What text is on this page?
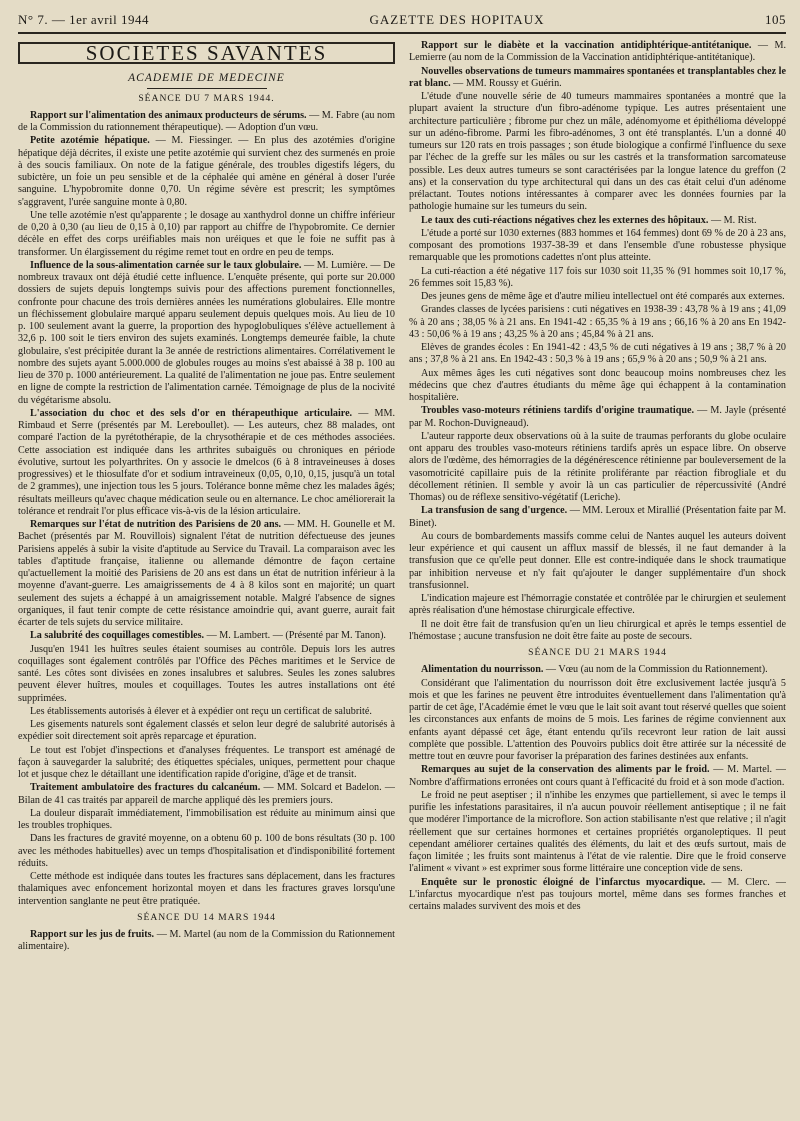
N° 7. — 1er avril 1944	GAZETTE DES HOPITAUX	105
SOCIETES SAVANTES
ACADEMIE DE MEDECINE
SÉANCE DU 7 MARS 1944.

Rapport sur l'alimentation des animaux producteurs de sérums. — M. Fabre (au nom de la Commission du rationnement thérapeutique). — Adoption d'un vœu.

Petite azotémie hépatique. — M. Fiessinger. — En plus des azotémies d'origine hépatique déjà décrites, il existe une petite azotémie qui survient chez des surmenés en proie à des soucis familiaux. On note de la fatigue générale, des troubles digestifs légers, du subictère, un foie un peu sensible et de la céphalée qui amène en général à doser l'urée sanguine. L'hypobromite donne 0,70. Un régime sévère est prescrit; les symptômes s'aggravent, l'urée sanguine monte à 0,80.

Une telle azotémie n'est qu'apparente ; le dosage au xanthydrol donne un chiffre inférieur de 0,20 à 0,30 (au lieu de 0,15 à 0,10) par rapport au chiffre de l'hypobromite. Ce dernier décèle en effet des corps uréifiables mais non uréiques et que le foie ne suffit pas à transformer. Un élargissement du régime remet tout en ordre en peu de temps.

Influence de la sous-alimentation carnée sur le taux globulaire. — M. Lumière. — De nombreux travaux ont déjà étudié cette influence. L'enquête présente, qui porte sur 20.000 dossiers de sujets depuis longtemps suivis pour des affections purement fonctionnelles, confronte pour chacune des trois dernières années les numérations globulaires. Elle montre un fléchissement globulaire marqué apparu seulement depuis quelques mois. Au lieu de 10 p. 100 seulement avant la guerre, la proportion des hypoglobuliques s'élève actuellement à 32,6 p. 100 soit le tiers environ des sujets examinés. Longtemps demeurée faible, la chute globulaire, s'est précipitée durant la 3e année de restrictions alimentaires. Corrélativement le nombre des sujets ayant 5.000.000 de globules rouges au moins s'est abaissé à 38 p. 100 au lieu de 370 p. 1000 antérieurement. La qualité de l'alimentation ne joue pas. Entre seulement en ligne de compte la restriction de l'alimentation carnée. Témoignage de plus de la nocivité du végétarisme absolu.

L'association du choc et des sels d'or en thérapeuthique articulaire. — MM. Rimbaud et Serre (présentés par M. Lereboullet). — Les auteurs, chez 88 malades, ont comparé l'action de la pyrétothérapie, de la chrysothérapie et de ces méthodes associées. Cette association est indiquée dans les arthrites subaiguës ou chroniques en période évolutive, surtout les polyarthrites. On y associe le dmelcos (6 à 8 intraveineuses à doses progressives) et le thiosulfate d'or et sodium intraveineux (0,05, 0,10, 0,15, jusqu'à un total de 2 grammes), une injection tous les 5 jours. Tolérance bonne même chez les malades âgés; résultats meilleurs qu'avec chaque médication seule ou en alternance. Le choc améliorerait la tolérance et rendrait l'or plus efficace vis-à-vis de la lésion articulaire.

Remarques sur l'état de nutrition des Parisiens de 20 ans. — MM. H. Gounelle et M. Bachet (présentés par M. Rouvillois) signalent l'état de nutrition défectueuse des jeunes Parisiens appelés à subir la visite d'aptitude au Service du Travail. La comparaison avec les tables d'aptitude française, italienne ou allemande démontre de façon certaine qu'actuellement la moitié des Parisiens de 20 ans est dans un état de nutrition inférieur à la moyenne d'avant-guerre. Les amaigrissements de 4 à 8 kilos sont en majorité; un quart seulement des sujets a échappé à un amaigrissement notable. Malgré l'absence de signes organiques, il faut tenir compte de cette résistance amoindrie qui, avant guerre, aurait fait écarter de tels sujets du service militaire.

La salubrité des coquillages comestibles. — M. Lambert. — (Présenté par M. Tanon).

Jusqu'en 1941 les huîtres seules étaient soumises au contrôle. Depuis lors les autres coquillages sont également contrôlés par l'Office des Pêches maritimes et le Service de santé. Les côtes sont divisées en zones insalubres et salubres. Seules les zones salubres peuvent élever huîtres, moules et coquillages. Toutes les autres installations ont été supprimées.

Les établissements autorisés à élever et à expédier ont reçu un certificat de salubrité.

Les gisements naturels sont également classés et selon leur degré de salubrité autorisés à expédier soit directement soit après reparcage et épuration.

Le tout est l'objet d'inspections et d'analyses fréquentes. Le transport est aménagé de façon à sauvegarder la salubrité; des étiquettes spéciales, uniques, permettent pour chaque lot et jusque chez le détaillant une identification rapide d'origine, d'âge et de transit.

Traitement ambulatoire des fractures du calcanéum. — MM. Solcard et Badelon. — Bilan de 41 cas traités par appareil de marche appliqué dès les premiers jours.

La douleur disparaît immédiatement, l'immobilisation est réduite au minimum ainsi que les troubles trophiques.

Dans les fractures de gravité moyenne, on a obtenu 60 p. 100 de bons résultats (30 p. 100 avec les méthodes habituelles) avec un temps d'hospitalisation et d'indisponibilité fortement réduits.

Cette méthode est indiquée dans toutes les fractures sans déplacement, dans les fractures thalamiques avec enfoncement horizontal moyen et dans les fractures graves lorsqu'une intervention sanglante ne peut être pratiquée.

SÉANCE DU 14 MARS 1944

Rapport sur les jus de fruits. — M. Martel (au nom de la Commission du Rationnement alimentaire).

Rapport sur le diabète et la vaccination antidiphtérique-antitétanique. — M. Lemierre (au nom de la Commission de la Vaccination antidiphtérique-antitétanique).

Nouvelles observations de tumeurs mammaires spontanées et transplantables chez le rat blanc. — MM. Roussy et Guérin.

L'étude d'une nouvelle série de 40 tumeurs mammaires spontanées a montré que la plupart avaient la structure d'un fibro-adénome typique. Les autres présentaient une architecture particulière ; fibrome pur chez un mâle, adénomyome et épithélioma développé sur un adéno-fibrome. Parmi les fibro-adénomes, 3 ont été transplantés. L'un a donné 40 tumeurs sur 120 rats en trois passages ; son étude biologique a confirmé l'influence du sexe par l'échec de la greffe sur les mâles ou sur les castrés et la transformation sarcomateuse possible. Les deux autres tumeurs se sont caractérisées par la longue latence du greffon (2 ans) et la conservation du type architectural qui dans un des cas était celui d'un adénome prélactant. Toutes notions intéressantes à comparer avec les données fournies par la pathologie humaine sur les tumeurs du sein.

Le taux des cuti-réactions négatives chez les externes des hôpitaux. — M. Rist.

L'étude a porté sur 1030 externes (883 hommes et 164 femmes) dont 69 % de 20 à 23 ans, composant des promotions 1937-38-39 et dans l'ensemble d'une robustesse physique remarquable que les promotions cadettes n'ont plus atteinte.

La cuti-réaction a été négative 117 fois sur 1030 soit 11,35 % (91 hommes soit 10,17 %, 26 femmes soit 15,83 %).

Des jeunes gens de même âge et d'autre milieu intellectuel ont été comparés aux externes.

Grandes classes de lycées parisiens : cuti négatives en 1938-39 : 43,78 % à 19 ans ; 41,09 % à 20 ans ; 38,05 % à 21 ans. En 1941-42 : 65,35 % à 19 ans ; 66,16 % à 20 ans En 1942-43 : 50,06 % à 19 ans ; 43,25 % à 20 ans ; 45,84 % à 21 ans.

Elèves de grandes écoles : En 1941-42 : 43,5 % de cuti négatives à 19 ans ; 38,7 % à 20 ans ; 37,8 % à 21 ans. En 1942-43 : 50,3 % à 19 ans ; 65,9 % à 20 ans ; 50,9 % à 21 ans.

Aux mêmes âges les cuti négatives sont donc beaucoup moins nombreuses chez les médecins que chez d'autres étudiants du même âge qui échappent à la contamination hospitalière.

Troubles vaso-moteurs rétiniens tardifs d'origine traumatique. — M. Jayle (présenté par M. Rochon-Duvigneaud).

L'auteur rapporte deux observations où à la suite de traumas perforants du globe oculaire ont apparu des troubles vaso-moteurs rétiniens tardifs après un espace libre. On observe alors de l'œdème, des hémorragies de la dégénérescence rétinienne par bouleversement de la vasomotricité capillaire puis de la rétinite proliférante par réaction fibrogliale et du décollement rétinien. Il semble y avoir là un cas particulier de répercussivité (André Thomas) ou de réflexe sensitivo-végétatif (Leriche).

La transfusion de sang d'urgence. — MM. Leroux et Mirallié (Présentation faite par M. Binet).

Au cours de bombardements massifs comme celui de Nantes auquel les auteurs doivent leur expérience et qui causent un afflux massif de blessés, il ne faut demander à la transfusion que ce qu'elle peut donner. Elle est contre-indiquée dans le shock traumatique par inhibition nerveuse et n'y fait qu'ajouter le danger supplémentaire d'un shock transfusionnel.

L'indication majeure est l'hémorragie constatée et contrôlée par le chirurgien et seulement après réalisation d'une hémostase chirurgicale effective.

Il ne doit être fait de transfusion qu'en un lieu chirurgical et après le temps essentiel de l'hémostase ; aucune transfusion ne doit être faite au poste de secours.

SÉANCE DU 21 MARS 1944

Alimentation du nourrisson. — Vœu (au nom de la Commission du Rationnement).

Considérant que l'alimentation du nourrisson doit être exclusivement lactée jusqu'à 5 mois et que les farines ne peuvent être introduites éventuellement dans l'alimentation qu'à partir de cet âge, l'Académie émet le vœu que le lait soit avant tout réservé quelles que soient les circonstances aux enfants de moins de 5 mois. Les farines de régime conviennent aux enfants ayant dépassé cet âge, étant entendu qu'ils recevront leur ration de lait aussi complète que possible. L'attention des Pouvoirs publics doit être attirée sur la nécessité de mettre tout en œuvre pour favoriser la préparation des farines destinées aux enfants.

Remarques au sujet de la conservation des aliments par le froid. — M. Martel. — Nombre d'affirmations erronées ont cours quant à l'efficacité du froid et à son mode d'action.

Le froid ne peut aseptiser ; il n'inhibe les enzymes que partiellement, si avec le temps il purifie les infestations parasitaires, il n'a aucun pouvoir réellement antiseptique ; il ne fait que modérer l'importance de la microflore. Son action stabilisante n'est que relative ; il n'agit réellement que sur certaines hormones et certaines propriétés organoleptiques. Il peut cependant améliorer certaines qualités des éléments, du lait et des œufs surtout, mais de façon limitée ; les fruits sont maintenus à l'état de vie ralentie. Dire que le froid conserve l'aliment « vivant » est exprimer sous forme littéraire une conception vide de sens.

Enquête sur le pronostic éloigné de l'infarctus myocardique. — M. Clerc. — L'infarctus myocardique n'est pas toujours mortel, même dans ses formes franches et certains malades survivent des mois et des
